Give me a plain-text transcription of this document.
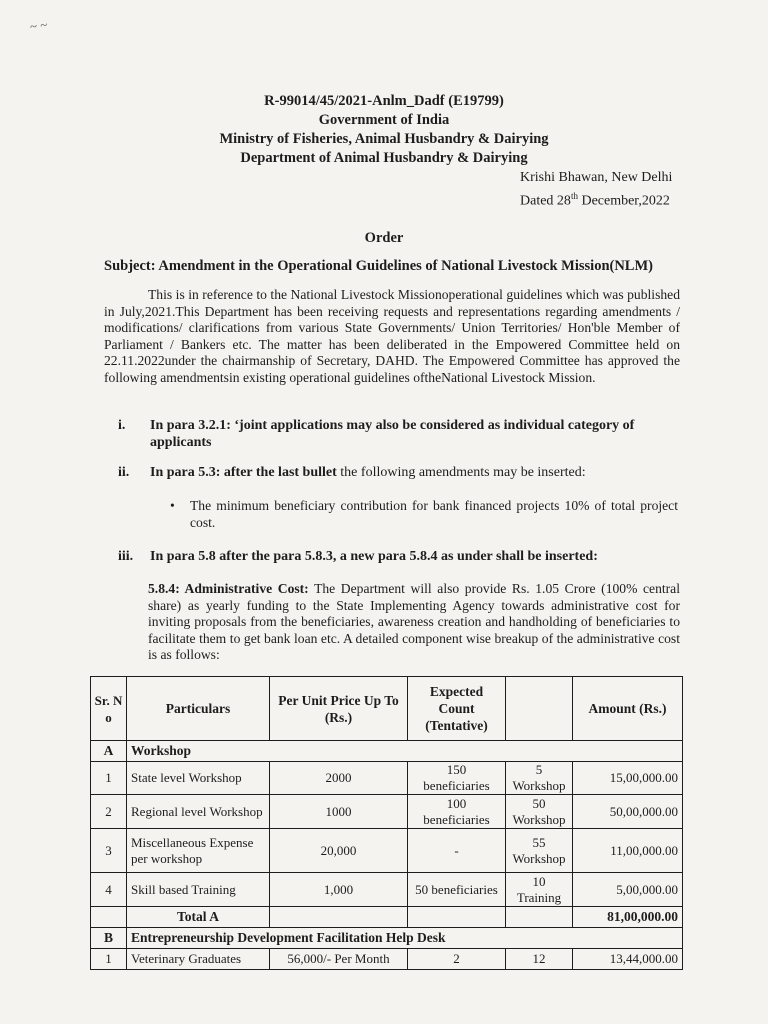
~ ~
R-99014/45/2021-Anlm_Dadf (E19799)
Government of India
Ministry of Fisheries, Animal Husbandry & Dairying
Department of Animal Husbandry & Dairying
Krishi Bhawan, New Delhi
Dated 28th December,2022
Order
Subject: Amendment in the Operational Guidelines of National Livestock Mission(NLM)
This is in reference to the National Livestock Missionoperational guidelines which was published in July,2021.This Department has been receiving requests and representations regarding amendments / modifications/ clarifications from various State Governments/ Union Territories/ Hon'ble Member of Parliament / Bankers etc. The matter has been deliberated in the Empowered Committee held on 22.11.2022under the chairmanship of Secretary, DAHD. The Empowered Committee has approved the following amendmentsin existing operational guidelines oftheNational Livestock Mission.
i. In para 3.2.1: ‘joint applications may also be considered as individual category of applicants
ii. In para 5.3: after the last bullet the following amendments may be inserted:
• The minimum beneficiary contribution for bank financed projects 10% of total project cost.
iii. In para 5.8 after the para 5.8.3, a new para 5.8.4 as under shall be inserted:
5.8.4: Administrative Cost: The Department will also provide Rs. 1.05 Crore (100% central share) as yearly funding to the State Implementing Agency towards administrative cost for inviting proposals from the beneficiaries, awareness creation and handholding of beneficiaries to facilitate them to get bank loan etc. A detailed component wise breakup of the administrative cost is as follows:
Sr. N o	Particulars	Per Unit Price Up To (Rs.)	Expected Count (Tentative)		Amount (Rs.)
A	Workshop				
1	State level Workshop	2000	150 beneficiaries	5 Workshop	15,00,000.00
2	Regional level Workshop	1000	100 beneficiaries	50 Workshop	50,00,000.00
3	Miscellaneous Expense per workshop	20,000	-	55 Workshop	11,00,000.00
4	Skill based Training	1,000	50 beneficiaries	10 Training	5,00,000.00
	Total A				81,00,000.00
B	Entrepreneurship Development Facilitation Help Desk				
1	Veterinary Graduates	56,000/- Per Month	2	12	13,44,000.00
